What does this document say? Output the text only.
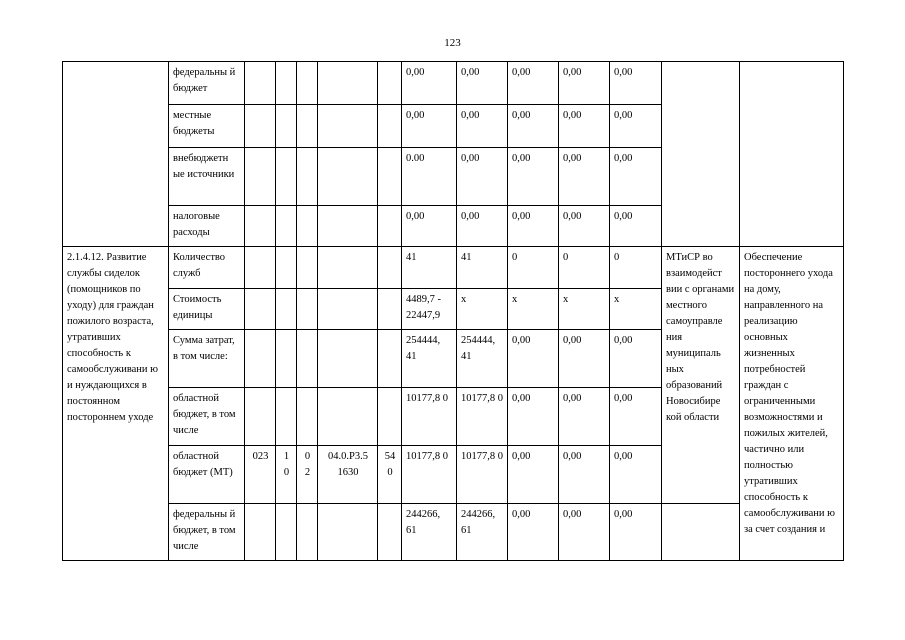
123
	федеральны й бюджет						0,00	0,00	0,00	0,00	0,00		
	местные бюджеты						0,00	0,00	0,00	0,00	0,00		
	внебюджетн ые источники						0.00	0,00	0,00	0,00	0,00		
	налоговые расходы						0,00	0,00	0,00	0,00	0,00		
2.1.4.12. Развитие службы сиделок (помощников по уходу) для граждан пожилого возраста, утративших способность к самообслуживани ю и нуждающихся в постоянном постороннем уходе	Количество служб						41	41	0	0	0	МТиСР во взаимодейст вии с органами местного самоуправле ния муниципаль ных образований Новосибире кой области	Обеспечение постороннего ухода на дому, направленного на реализацию основных жизненных потребностей граждан с ограниченными возможностями и пожилых жителей, частично или полностью утративших способность к самообслуживани ю за счет создания и
	Стоимость единицы						4489,7 - 22447,9	x	x	x	x		
	Сумма затрат, в том числе:						254444, 41	254444, 41	0,00	0,00	0,00		
	областной бюджет, в том числе						10177,8 0	10177,8 0	0,00	0,00	0,00		
	областной бюджет (МТ)	023	1 0	0 2	04.0.P3.5 1630	54 0	10177,8 0	10177,8 0	0,00	0,00	0,00		
	федеральны й бюджет, в том числе						244266, 61	244266, 61	0,00	0,00	0,00		
